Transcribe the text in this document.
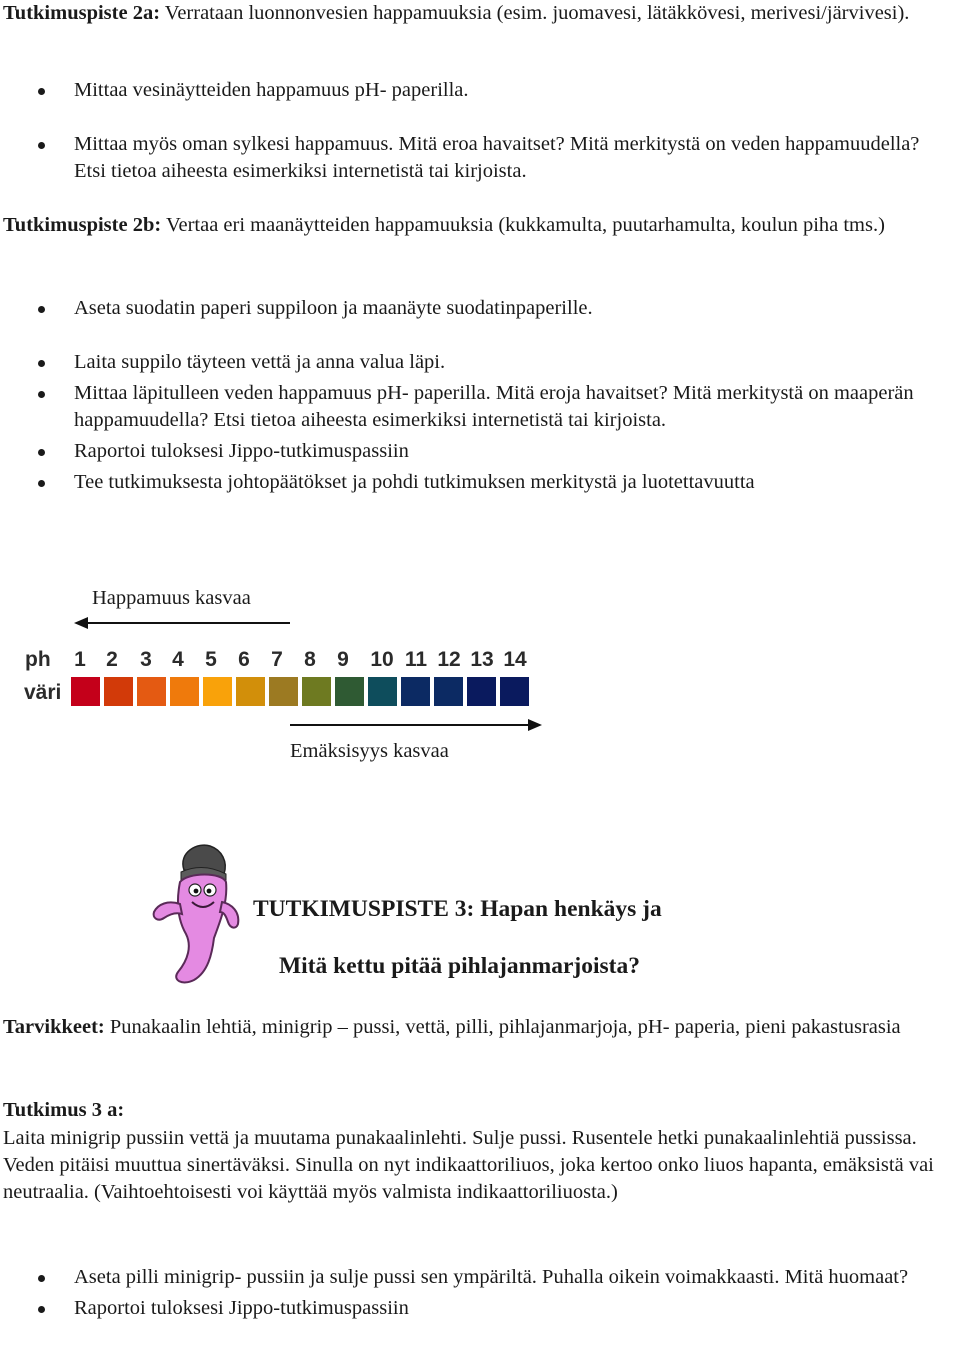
Tutkimuspiste 2a: Verrataan luonnonvesien happamuuksia (esim. juomavesi, lätäkkövesi, merivesi/järvivesi).

Mittaa vesinäytteiden happamuus pH- paperilla.
Mittaa myös oman sylkesi happamuus. Mitä eroa havaitset? Mitä merkitystä on veden happamuudella? Etsi tietoa aiheesta esimerkiksi internetistä tai kirjoista.

Tutkimuspiste 2b: Vertaa eri maanäytteiden happamuuksia (kukkamulta, puutarhamulta, koulun piha tms.)

Aseta suodatin paperi suppiloon ja maanäyte suodatinpaperille.
Laita suppilo täyteen vettä ja anna valua läpi.
Mittaa läpitulleen veden happamuus pH- paperilla. Mitä eroja havaitset? Mitä merkitystä on maaperän happamuudella? Etsi tietoa aiheesta esimerkiksi internetistä tai kirjoista.
Raportoi tuloksesi Jippo-tutkimuspassiin
Tee tutkimuksesta johtopäätökset ja pohdi tutkimuksen merkitystä ja luotettavuutta
Happamuus kasvaa
ph
väri
1 2	3 4	5	6	7	8	9	10 11 12 13 14
Emäksisyys kasvaa
TUTKIMUSPISTE 3: Hapan henkäys ja
Mitä kettu pitää pihlajanmarjoista?

Tarvikkeet: Punakaalin lehtiä, minigrip – pussi, vettä, pilli, pihlajanmarjoja, pH- paperia, pieni pakastusrasia

Tutkimus 3 a:

Laita minigrip pussiin vettä ja muutama punakaalinlehti. Sulje pussi. Rusentele hetki punakaalinlehtiä pussissa. Veden pitäisi muuttua sinertäväksi. Sinulla on nyt indikaattoriliuos, joka kertoo onko liuos hapanta, emäksistä vai neutraalia. (Vaihtoehtoisesti voi käyttää myös valmista indikaattoriliuosta.)

Aseta pilli minigrip- pussiin ja sulje pussi sen ympäriltä. Puhalla oikein voimakkaasti. Mitä huomaat?
Raportoi tuloksesi Jippo-tutkimuspassiin
